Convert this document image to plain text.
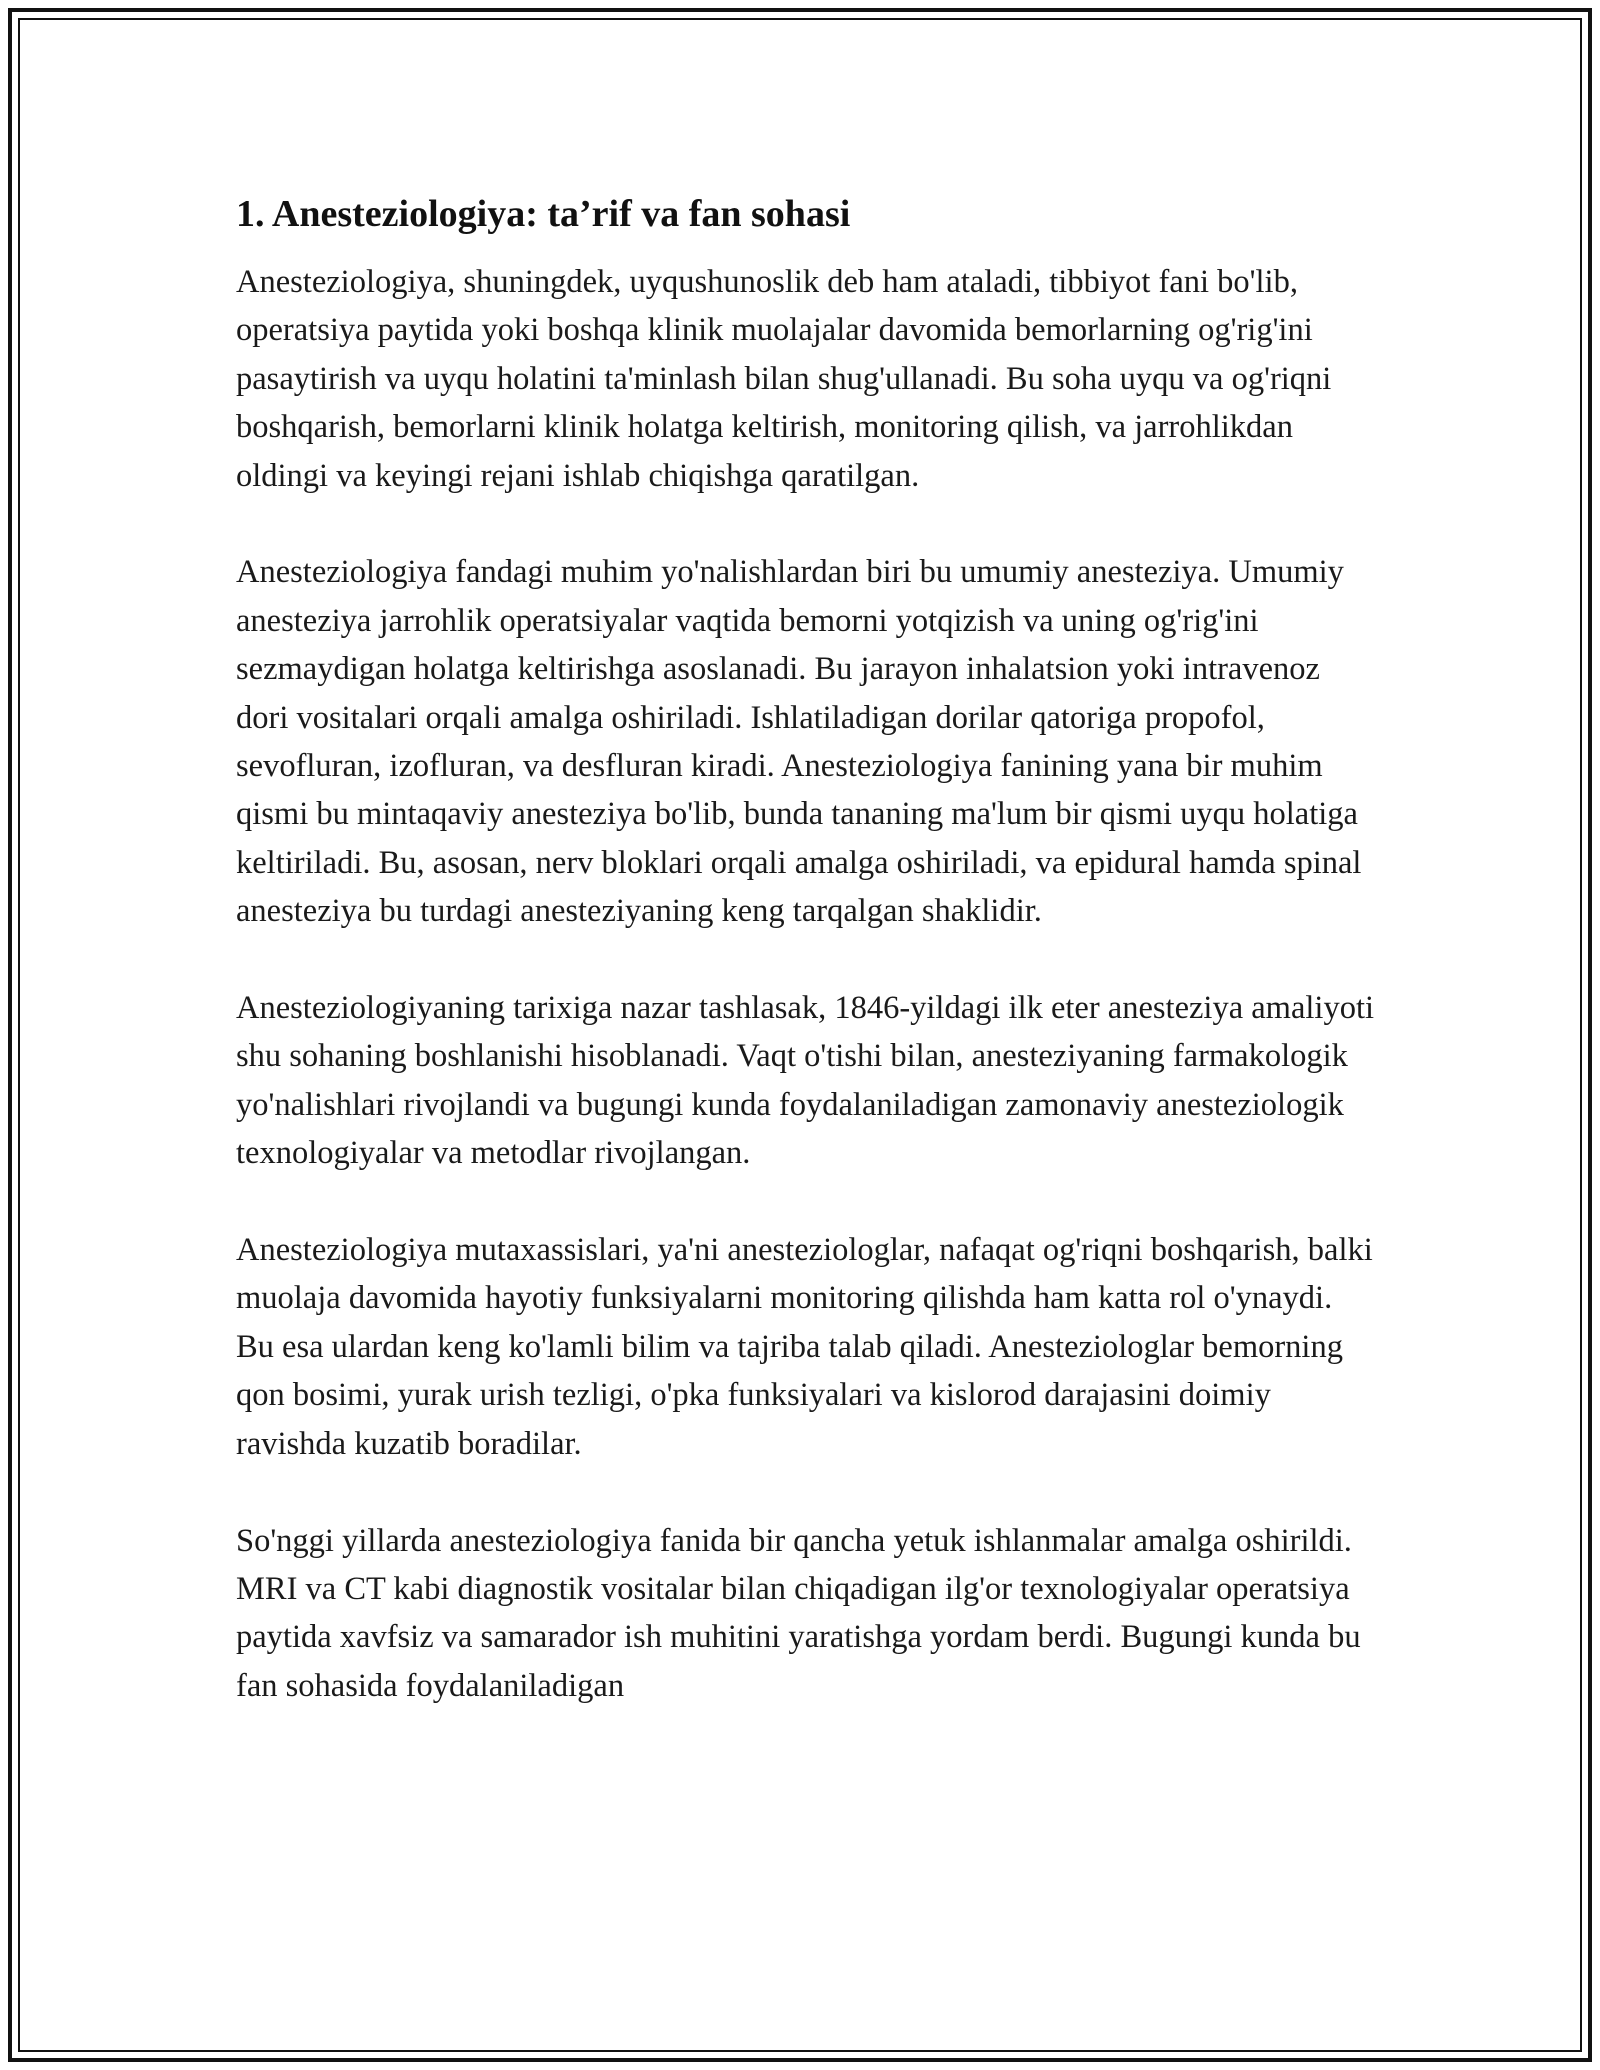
1. Anesteziologiya: ta’rif va fan sohasi

Anesteziologiya, shuningdek, uyqushunoslik deb ham ataladi, tibbiyot fani bo'lib, operatsiya paytida yoki boshqa klinik muolajalar davomida bemorlarning og'rig'ini pasaytirish va uyqu holatini ta'minlash bilan shug'ullanadi. Bu soha uyqu va og'riqni boshqarish, bemorlarni klinik holatga keltirish, monitoring qilish, va jarrohlikdan oldingi va keyingi rejani ishlab chiqishga qaratilgan.

Anesteziologiya fandagi muhim yo'nalishlardan biri bu umumiy anesteziya. Umumiy anesteziya jarrohlik operatsiyalar vaqtida bemorni yotqizish va uning og'rig'ini sezmaydigan holatga keltirishga asoslanadi. Bu jarayon inhalatsion yoki intravenoz dori vositalari orqali amalga oshiriladi. Ishlatiladigan dorilar qatoriga propofol, sevofluran, izofluran, va desfluran kiradi. Anesteziologiya fanining yana bir muhim qismi bu mintaqaviy anesteziya bo'lib, bunda tananing ma'lum bir qismi uyqu holatiga keltiriladi. Bu, asosan, nerv bloklari orqali amalga oshiriladi, va epidural hamda spinal anesteziya bu turdagi anesteziyaning keng tarqalgan shaklidir.

Anesteziologiyaning tarixiga nazar tashlasak, 1846-yildagi ilk eter anesteziya amaliyoti shu sohaning boshlanishi hisoblanadi. Vaqt o'tishi bilan, anesteziyaning farmakologik yo'nalishlari rivojlandi va bugungi kunda foydalaniladigan zamonaviy anesteziologik texnologiyalar va metodlar rivojlangan.

Anesteziologiya mutaxassislari, ya'ni anesteziologlar, nafaqat og'riqni boshqarish, balki muolaja davomida hayotiy funksiyalarni monitoring qilishda ham katta rol o'ynaydi. Bu esa ulardan keng ko'lamli bilim va tajriba talab qiladi. Anesteziologlar bemorning qon bosimi, yurak urish tezligi, o'pka funksiyalari va kislorod darajasini doimiy ravishda kuzatib boradilar.

So'nggi yillarda anesteziologiya fanida bir qancha yetuk ishlanmalar amalga oshirildi. MRI va CT kabi diagnostik vositalar bilan chiqadigan ilg'or texnologiyalar operatsiya paytida xavfsiz va samarador ish muhitini yaratishga yordam berdi. Bugungi kunda bu fan sohasida foydalaniladigan
